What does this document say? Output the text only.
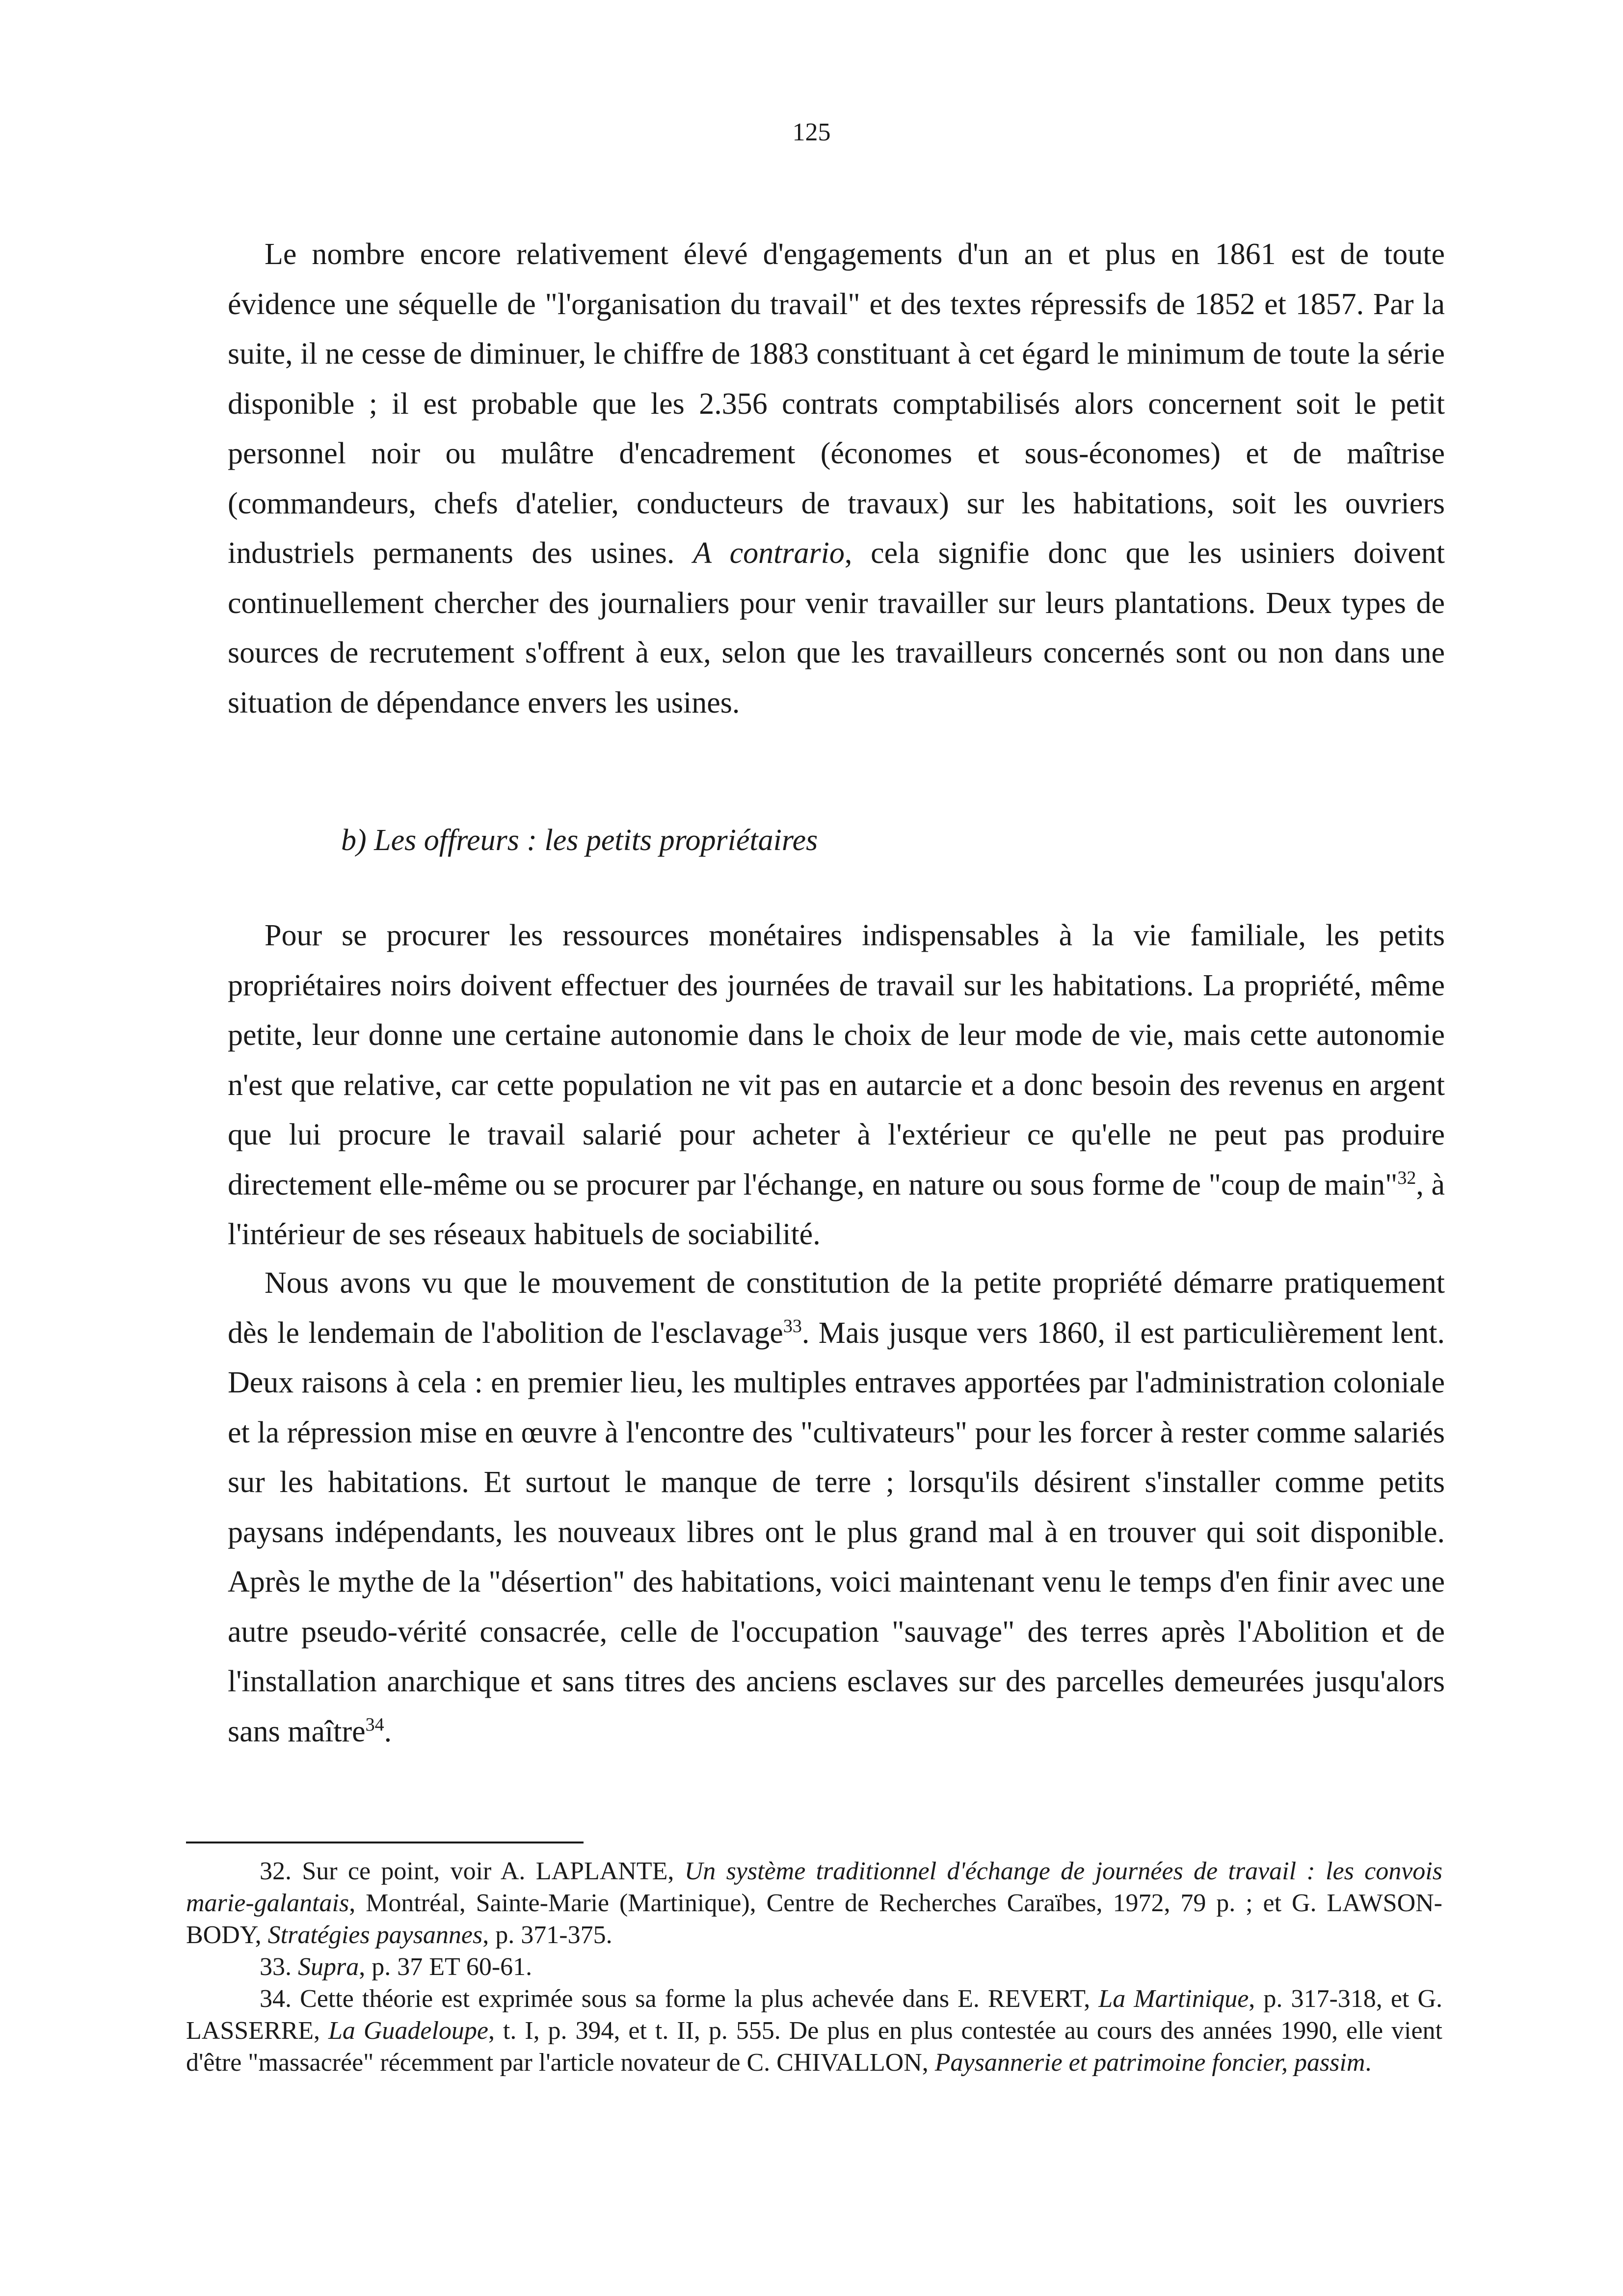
125

Le nombre encore relativement élevé d'engagements d'un an et plus en 1861 est de toute évidence une séquelle de "l'organisation du travail" et des textes répressifs de 1852 et 1857. Par la suite, il ne cesse de diminuer, le chiffre de 1883 constituant à cet égard le minimum de toute la série disponible ; il est probable que les 2.356 contrats comptabilisés alors concernent soit le petit personnel noir ou mulâtre d'encadrement (économes et sous-économes) et de maîtrise (commandeurs, chefs d'atelier, conducteurs de travaux) sur les habitations, soit les ouvriers industriels permanents des usines. A contrario, cela signifie donc que les usiniers doivent continuellement chercher des journaliers pour venir travailler sur leurs plantations. Deux types de sources de recrutement s'offrent à eux, selon que les travailleurs concernés sont ou non dans une situation de dépendance envers les usines.

b) Les offreurs : les petits propriétaires

Pour se procurer les ressources monétaires indispensables à la vie familiale, les petits propriétaires noirs doivent effectuer des journées de travail sur les habitations. La propriété, même petite, leur donne une certaine autonomie dans le choix de leur mode de vie, mais cette autonomie n'est que relative, car cette population ne vit pas en autarcie et a donc besoin des revenus en argent que lui procure le travail salarié pour acheter à l'extérieur ce qu'elle ne peut pas produire directement elle-même ou se procurer par l'échange, en nature ou sous forme de "coup de main"$^{32}$, à l'intérieur de ses réseaux habituels de sociabilité.

Nous avons vu que le mouvement de constitution de la petite propriété démarre pratiquement dès le lendemain de l'abolition de l'esclavage$^{33}$. Mais jusque vers 1860, il est particulièrement lent. Deux raisons à cela : en premier lieu, les multiples entraves apportées par l'administration coloniale et la répression mise en œuvre à l'encontre des "cultivateurs" pour les forcer à rester comme salariés sur les habitations. Et surtout le manque de terre ; lorsqu'ils désirent s'installer comme petits paysans indépendants, les nouveaux libres ont le plus grand mal à en trouver qui soit disponible. Après le mythe de la "désertion" des habitations, voici maintenant venu le temps d'en finir avec une autre pseudo-vérité consacrée, celle de l'occupation "sauvage" des terres après l'Abolition et de l'installation anarchique et sans titres des anciens esclaves sur des parcelles demeurées jusqu'alors sans maître$^{34}$.

32. Sur ce point, voir A. LAPLANTE, Un système traditionnel d'échange de journées de travail : les convois marie-galantais, Montréal, Sainte-Marie (Martinique), Centre de Recherches Caraïbes, 1972, 79 p. ; et G. LAWSON-BODY, Stratégies paysannes, p. 371-375.

33. Supra, p. 37 ET 60-61.

34. Cette théorie est exprimée sous sa forme la plus achevée dans E. REVERT, La Martinique, p. 317-318, et G. LASSERRE, La Guadeloupe, t. I, p. 394, et t. II, p. 555. De plus en plus contestée au cours des années 1990, elle vient d'être "massacrée" récemment par l'article novateur de C. CHIVALLON, Paysannerie et patrimoine foncier, passim.
